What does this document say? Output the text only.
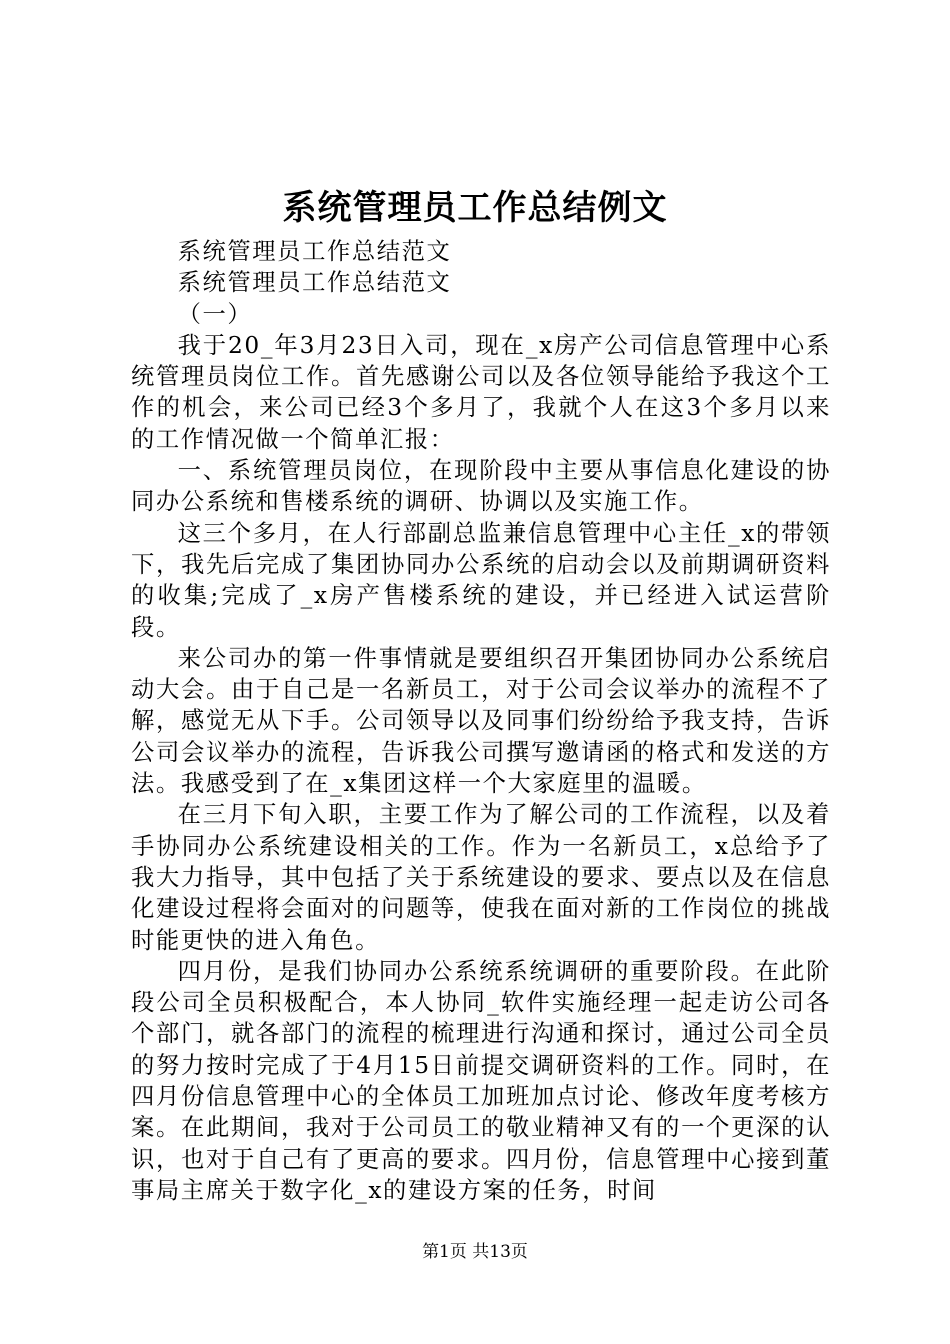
系统管理员工作总结例文

系统管理员工作总结范文

系统管理员工作总结范文

（一）

我于20_年3月23日入司，现在_x房产公司信息管理中心系统管理员岗位工作。首先感谢公司以及各位领导能给予我这个工作的机会，来公司已经3个多月了，我就个人在这3个多月以来的工作情况做一个简单汇报：

一、系统管理员岗位，在现阶段中主要从事信息化建设的协同办公系统和售楼系统的调研、协调以及实施工作。

这三个多月，在人行部副总监兼信息管理中心主任_x的带领下，我先后完成了集团协同办公系统的启动会以及前期调研资料的收集;完成了_x房产售楼系统的建设，并已经进入试运营阶段。

来公司办的第一件事情就是要组织召开集团协同办公系统启动大会。由于自己是一名新员工，对于公司会议举办的流程不了解，感觉无从下手。公司领导以及同事们纷纷给予我支持，告诉公司会议举办的流程，告诉我公司撰写邀请函的格式和发送的方法。我感受到了在_x集团这样一个大家庭里的温暖。

在三月下旬入职，主要工作为了解公司的工作流程，以及着手协同办公系统建设相关的工作。作为一名新员工，x总给予了我大力指导，其中包括了关于系统建设的要求、要点以及在信息化建设过程将会面对的问题等，使我在面对新的工作岗位的挑战时能更快的进入角色。

四月份，是我们协同办公系统系统调研的重要阶段。在此阶段公司全员积极配合，本人协同_软件实施经理一起走访公司各个部门，就各部门的流程的梳理进行沟通和探讨，通过公司全员的努力按时完成了于4月15日前提交调研资料的工作。同时，在四月份信息管理中心的全体员工加班加点讨论、修改年度考核方案。在此期间，我对于公司员工的敬业精神又有的一个更深的认识，也对于自己有了更高的要求。四月份，信息管理中心接到董事局主席关于数字化_x的建设方案的任务，时间

第1页 共13页
